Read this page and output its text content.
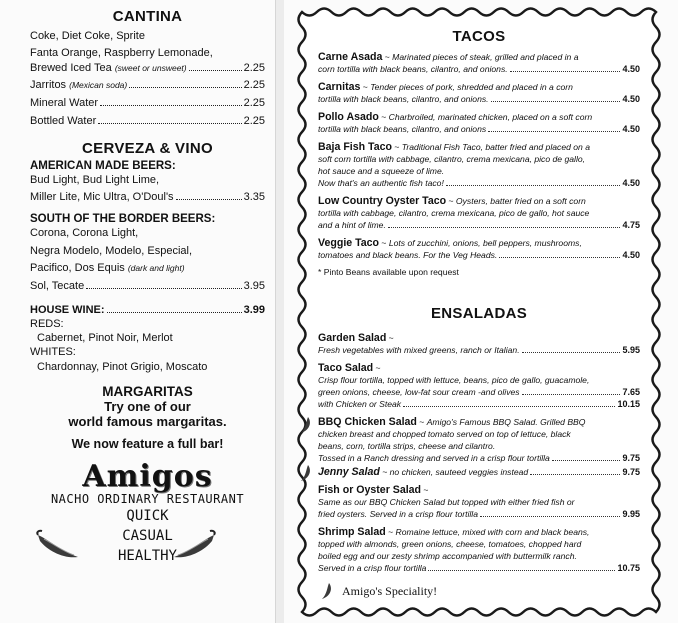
CANTINA
Coke, Diet Coke, Sprite
Fanta Orange, Raspberry Lemonade,
Brewed Iced Tea
(sweet or unsweet)	2.25
Jarritos
(Mexican soda)	2.25
Mineral Water	2.25
Bottled Water	2.25
CERVEZA & VINO
AMERICAN MADE BEERS:
Bud Light, Bud Light Lime,
Miller Lite, Mic Ultra, O'Doul's	3.35
SOUTH OF THE BORDER BEERS:
Corona, Corona Light,
Negra Modelo, Modelo, Especial,
Pacifico, Dos Equis (dark and light)
Sol, Tecate	3.95
HOUSE WINE:	3.99
REDS:
Cabernet, Pinot Noir, Merlot
WHITES:
Chardonnay, Pinot Grigio, Moscato
MARGARITAS
Try one of our
world famous margaritas.
We now feature a full bar!
Amigos
NACHO ORDINARY RESTAURANT
QUICK
CASUAL
HEALTHY
TACOS
Carne Asada ~ Marinated pieces of steak, grilled and placed in a
corn tortilla with black beans, cilantro, and onions.	4.50
Carnitas ~ Tender pieces of pork, shredded and placed in a corn
tortilla with black beans, cilantro, and onions.	4.50
Pollo Asado ~ Charbroiled, marinated chicken, placed on a soft corn
tortilla with black beans, cilantro, and onions	4.50
Baja Fish Taco ~ Traditional Fish Taco, batter fried and placed on a
soft corn tortilla with cabbage, cilantro, crema mexicana, pico de gallo,
hot sauce and a squeeze of lime.
Now that's an authentic fish taco!	4.50
Low Country Oyster Taco ~ Oysters, batter fried on a soft corn
tortilla with cabbage, cilantro, crema mexicana, pico de gallo, hot sauce
and a hint of lime.	4.75
Veggie Taco ~ Lots of zucchini, onions, bell peppers, mushrooms,
tomatoes and black beans. For the Veg Heads.	4.50
* Pinto Beans available upon request
ENSALADAS
Garden Salad ~
Fresh vegetables with mixed greens, ranch or Italian.	5.95
Taco Salad ~
Crisp flour tortilla, topped with lettuce, beans, pico de gallo, guacamole,
green onions, cheese, low-fat sour cream -and olives	7.65
with Chicken or Steak	10.15
BBQ Chicken Salad ~ Amigo's Famous BBQ Salad. Grilled BBQ
chicken breast and chopped tomato served on top of lettuce, black
beans, corn, tortilla strips, cheese and cilantro.
Tossed in a Ranch dressing and served in a crisp flour tortilla	9.75
Jenny Salad ~ no chicken, sauteed veggies instead	9.75
Fish or Oyster Salad ~
Same as our BBQ Chicken Salad but topped with either fried fish or
fried oysters. Served in a crisp flour tortilla	9.95
Shrimp Salad ~ Romaine lettuce, mixed with corn and black beans,
topped with almonds, green onions, cheese, tomatoes, chopped hard
boiled egg and our zesty shrimp accompanied with buttermilk ranch.
Served in a crisp flour tortilla	10.75
Amigo's Speciality!
